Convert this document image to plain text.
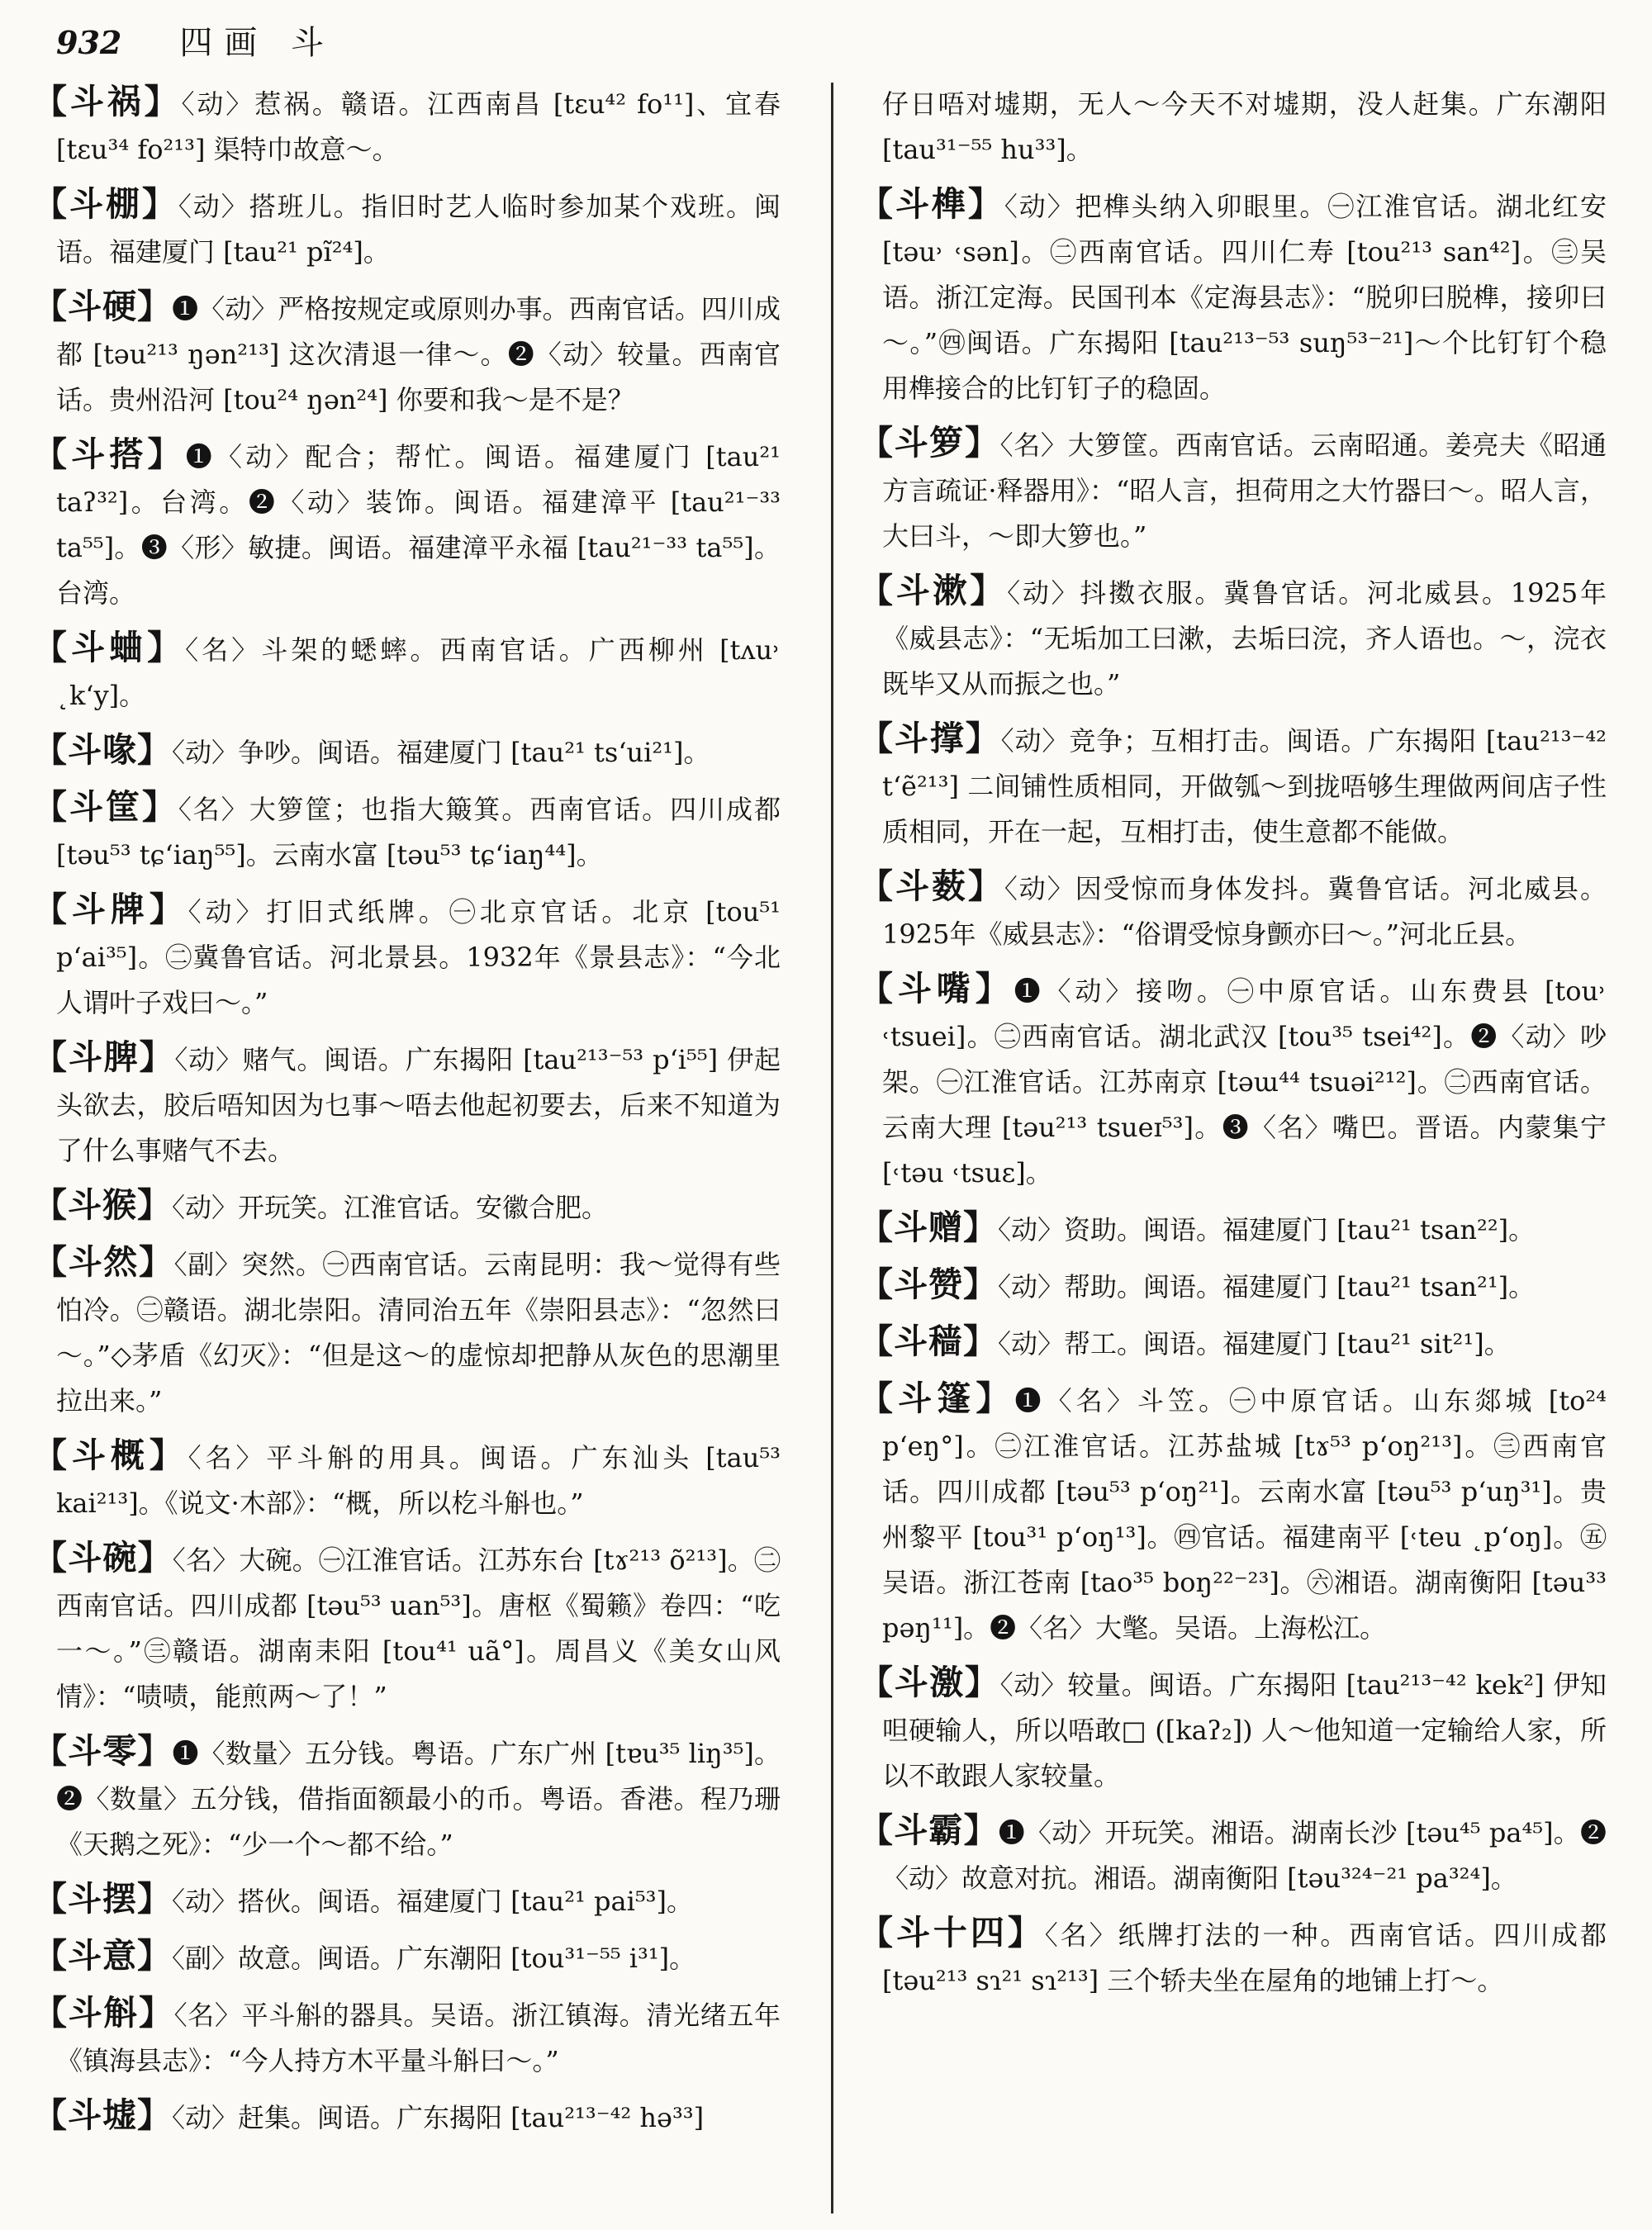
932 四画 斗

【斗祸】〈动〉惹祸。赣语。江西南昌 [tɛu⁴² fo¹¹]、宜春 [tɛu³⁴ fo²¹³] 渠特巾故意～。

【斗棚】〈动〉搭班儿。指旧时艺人临时参加某个戏班。闽语。福建厦门 [tau²¹ pĩ²⁴]。

【斗硬】❶〈动〉严格按规定或原则办事。西南官话。四川成都 [təu²¹³ ŋən²¹³] 这次清退一律～。❷〈动〉较量。西南官话。贵州沿河 [tou²⁴ ŋən²⁴] 你要和我～是不是？

【斗搭】❶〈动〉配合；帮忙。闽语。福建厦门 [tau²¹ taʔ³²]。台湾。❷〈动〉装饰。闽语。福建漳平 [tau²¹⁻³³ ta⁵⁵]。❸〈形〉敏捷。闽语。福建漳平永福 [tau²¹⁻³³ ta⁵⁵]。台湾。

【斗蛐】〈名〉斗架的蟋蟀。西南官话。广西柳州 [tʌu˒ ˛k‘y]。

【斗喙】〈动〉争吵。闽语。福建厦门 [tau²¹ ts‘ui²¹]。

【斗筐】〈名〉大箩筐；也指大簸箕。西南官话。四川成都 [təu⁵³ tɕ‘iaŋ⁵⁵]。云南水富 [təu⁵³ tɕ‘iaŋ⁴⁴]。

【斗牌】〈动〉打旧式纸牌。㊀北京官话。北京 [tou⁵¹ p‘ai³⁵]。㊁冀鲁官话。河北景县。1932年《景县志》：“今北人谓叶子戏曰～。”

【斗脾】〈动〉赌气。闽语。广东揭阳 [tau²¹³⁻⁵³ p‘i⁵⁵] 伊起头欲去，胶后唔知因为乜事～唔去他起初要去，后来不知道为了什么事赌气不去。

【斗猴】〈动〉开玩笑。江淮官话。安徽合肥。

【斗然】〈副〉突然。㊀西南官话。云南昆明：我～觉得有些怕冷。㊁赣语。湖北崇阳。清同治五年《崇阳县志》：“忽然曰～。”◇茅盾《幻灭》：“但是这～的虚惊却把静从灰色的思潮里拉出来。”

【斗概】〈名〉平斗斛的用具。闽语。广东汕头 [tau⁵³ kai²¹³]。《说文·木部》：“概，所以杚斗斛也。”

【斗碗】〈名〉大碗。㊀江淮官话。江苏东台 [tɤ²¹³ õ²¹³]。㊁西南官话。四川成都 [təu⁵³ uan⁵³]。唐枢《蜀籁》卷四：“吃一～。”㊂赣语。湖南耒阳 [tou⁴¹ uã°]。周昌义《美女山风情》：“啧啧，能煎两～了！”

【斗零】❶〈数量〉五分钱。粤语。广东广州 [tɐu³⁵ liŋ³⁵]。❷〈数量〉五分钱，借指面额最小的币。粤语。香港。程乃珊《天鹅之死》：“少一个～都不给。”

【斗摆】〈动〉搭伙。闽语。福建厦门 [tau²¹ pai⁵³]。

【斗意】〈副〉故意。闽语。广东潮阳 [tou³¹⁻⁵⁵ i³¹]。

【斗斛】〈名〉平斗斛的器具。吴语。浙江镇海。清光绪五年《镇海县志》：“今人持方木平量斗斛曰～。”

【斗墟】〈动〉赶集。闽语。广东揭阳 [tau²¹³⁻⁴² hə³³]

仔日唔对墟期，无人～今天不对墟期，没人赶集。广东潮阳 [tau³¹⁻⁵⁵ hu³³]。

【斗榫】〈动〉把榫头纳入卯眼里。㊀江淮官话。湖北红安 [təu˒ ˓sən]。㊁西南官话。四川仁寿 [tou²¹³ san⁴²]。㊂吴语。浙江定海。民国刊本《定海县志》：“脱卯曰脱榫，接卯曰～。”㊃闽语。广东揭阳 [tau²¹³⁻⁵³ suŋ⁵³⁻²¹]～个比钉钉个稳用榫接合的比钉钉子的稳固。

【斗箩】〈名〉大箩筐。西南官话。云南昭通。姜亮夫《昭通方言疏证·释器用》：“昭人言，担荷用之大竹器曰～。昭人言，大曰斗，～即大箩也。”

【斗漱】〈动〉抖擞衣服。冀鲁官话。河北威县。1925年《威县志》：“无垢加工曰漱，去垢曰浣，齐人语也。～，浣衣既毕又从而振之也。”

【斗撑】〈动〉竞争；互相打击。闽语。广东揭阳 [tau²¹³⁻⁴² t‘ẽ²¹³] 二间铺性质相同，开做瓠～到拢唔够生理做两间店子性质相同，开在一起，互相打击，使生意都不能做。

【斗薮】〈动〉因受惊而身体发抖。冀鲁官话。河北威县。1925年《威县志》：“俗谓受惊身颤亦曰～。”河北丘县。

【斗嘴】❶〈动〉接吻。㊀中原官话。山东费县 [tou˒ ˓tsuei]。㊁西南官话。湖北武汉 [tou³⁵ tsei⁴²]。❷〈动〉吵架。㊀江淮官话。江苏南京 [təɯ⁴⁴ tsuəi²¹²]。㊁西南官话。云南大理 [təu²¹³ tsueɪ⁵³]。❸〈名〉嘴巴。晋语。内蒙集宁 [˓təu ˓tsuɛ]。

【斗赠】〈动〉资助。闽语。福建厦门 [tau²¹ tsan²²]。

【斗赞】〈动〉帮助。闽语。福建厦门 [tau²¹ tsan²¹]。

【斗穑】〈动〉帮工。闽语。福建厦门 [tau²¹ sit²¹]。

【斗篷】❶〈名〉斗笠。㊀中原官话。山东郯城 [to²⁴ p‘eŋ°]。㊁江淮官话。江苏盐城 [tɤ⁵³ p‘oŋ²¹³]。㊂西南官话。四川成都 [təu⁵³ p‘oŋ²¹]。云南水富 [təu⁵³ p‘uŋ³¹]。贵州黎平 [tou³¹ p‘oŋ¹³]。㊃官话。福建南平 [˓teu ˛p‘oŋ]。㊄吴语。浙江苍南 [tao³⁵ boŋ²²⁻²³]。㊅湘语。湖南衡阳 [təu³³ pəŋ¹¹]。❷〈名〉大氅。吴语。上海松江。

【斗激】〈动〉较量。闽语。广东揭阳 [tau²¹³⁻⁴² kek²] 伊知呾硬输人，所以唔敢□ ([kaʔ₂]) 人～他知道一定输给人家，所以不敢跟人家较量。

【斗霸】❶〈动〉开玩笑。湘语。湖南长沙 [təu⁴⁵ pa⁴⁵]。❷〈动〉故意对抗。湘语。湖南衡阳 [təu³²⁴⁻²¹ pa³²⁴]。

【斗十四】〈名〉纸牌打法的一种。西南官话。四川成都 [təu²¹³ sɿ²¹ sɿ²¹³] 三个轿夫坐在屋角的地铺上打～。
